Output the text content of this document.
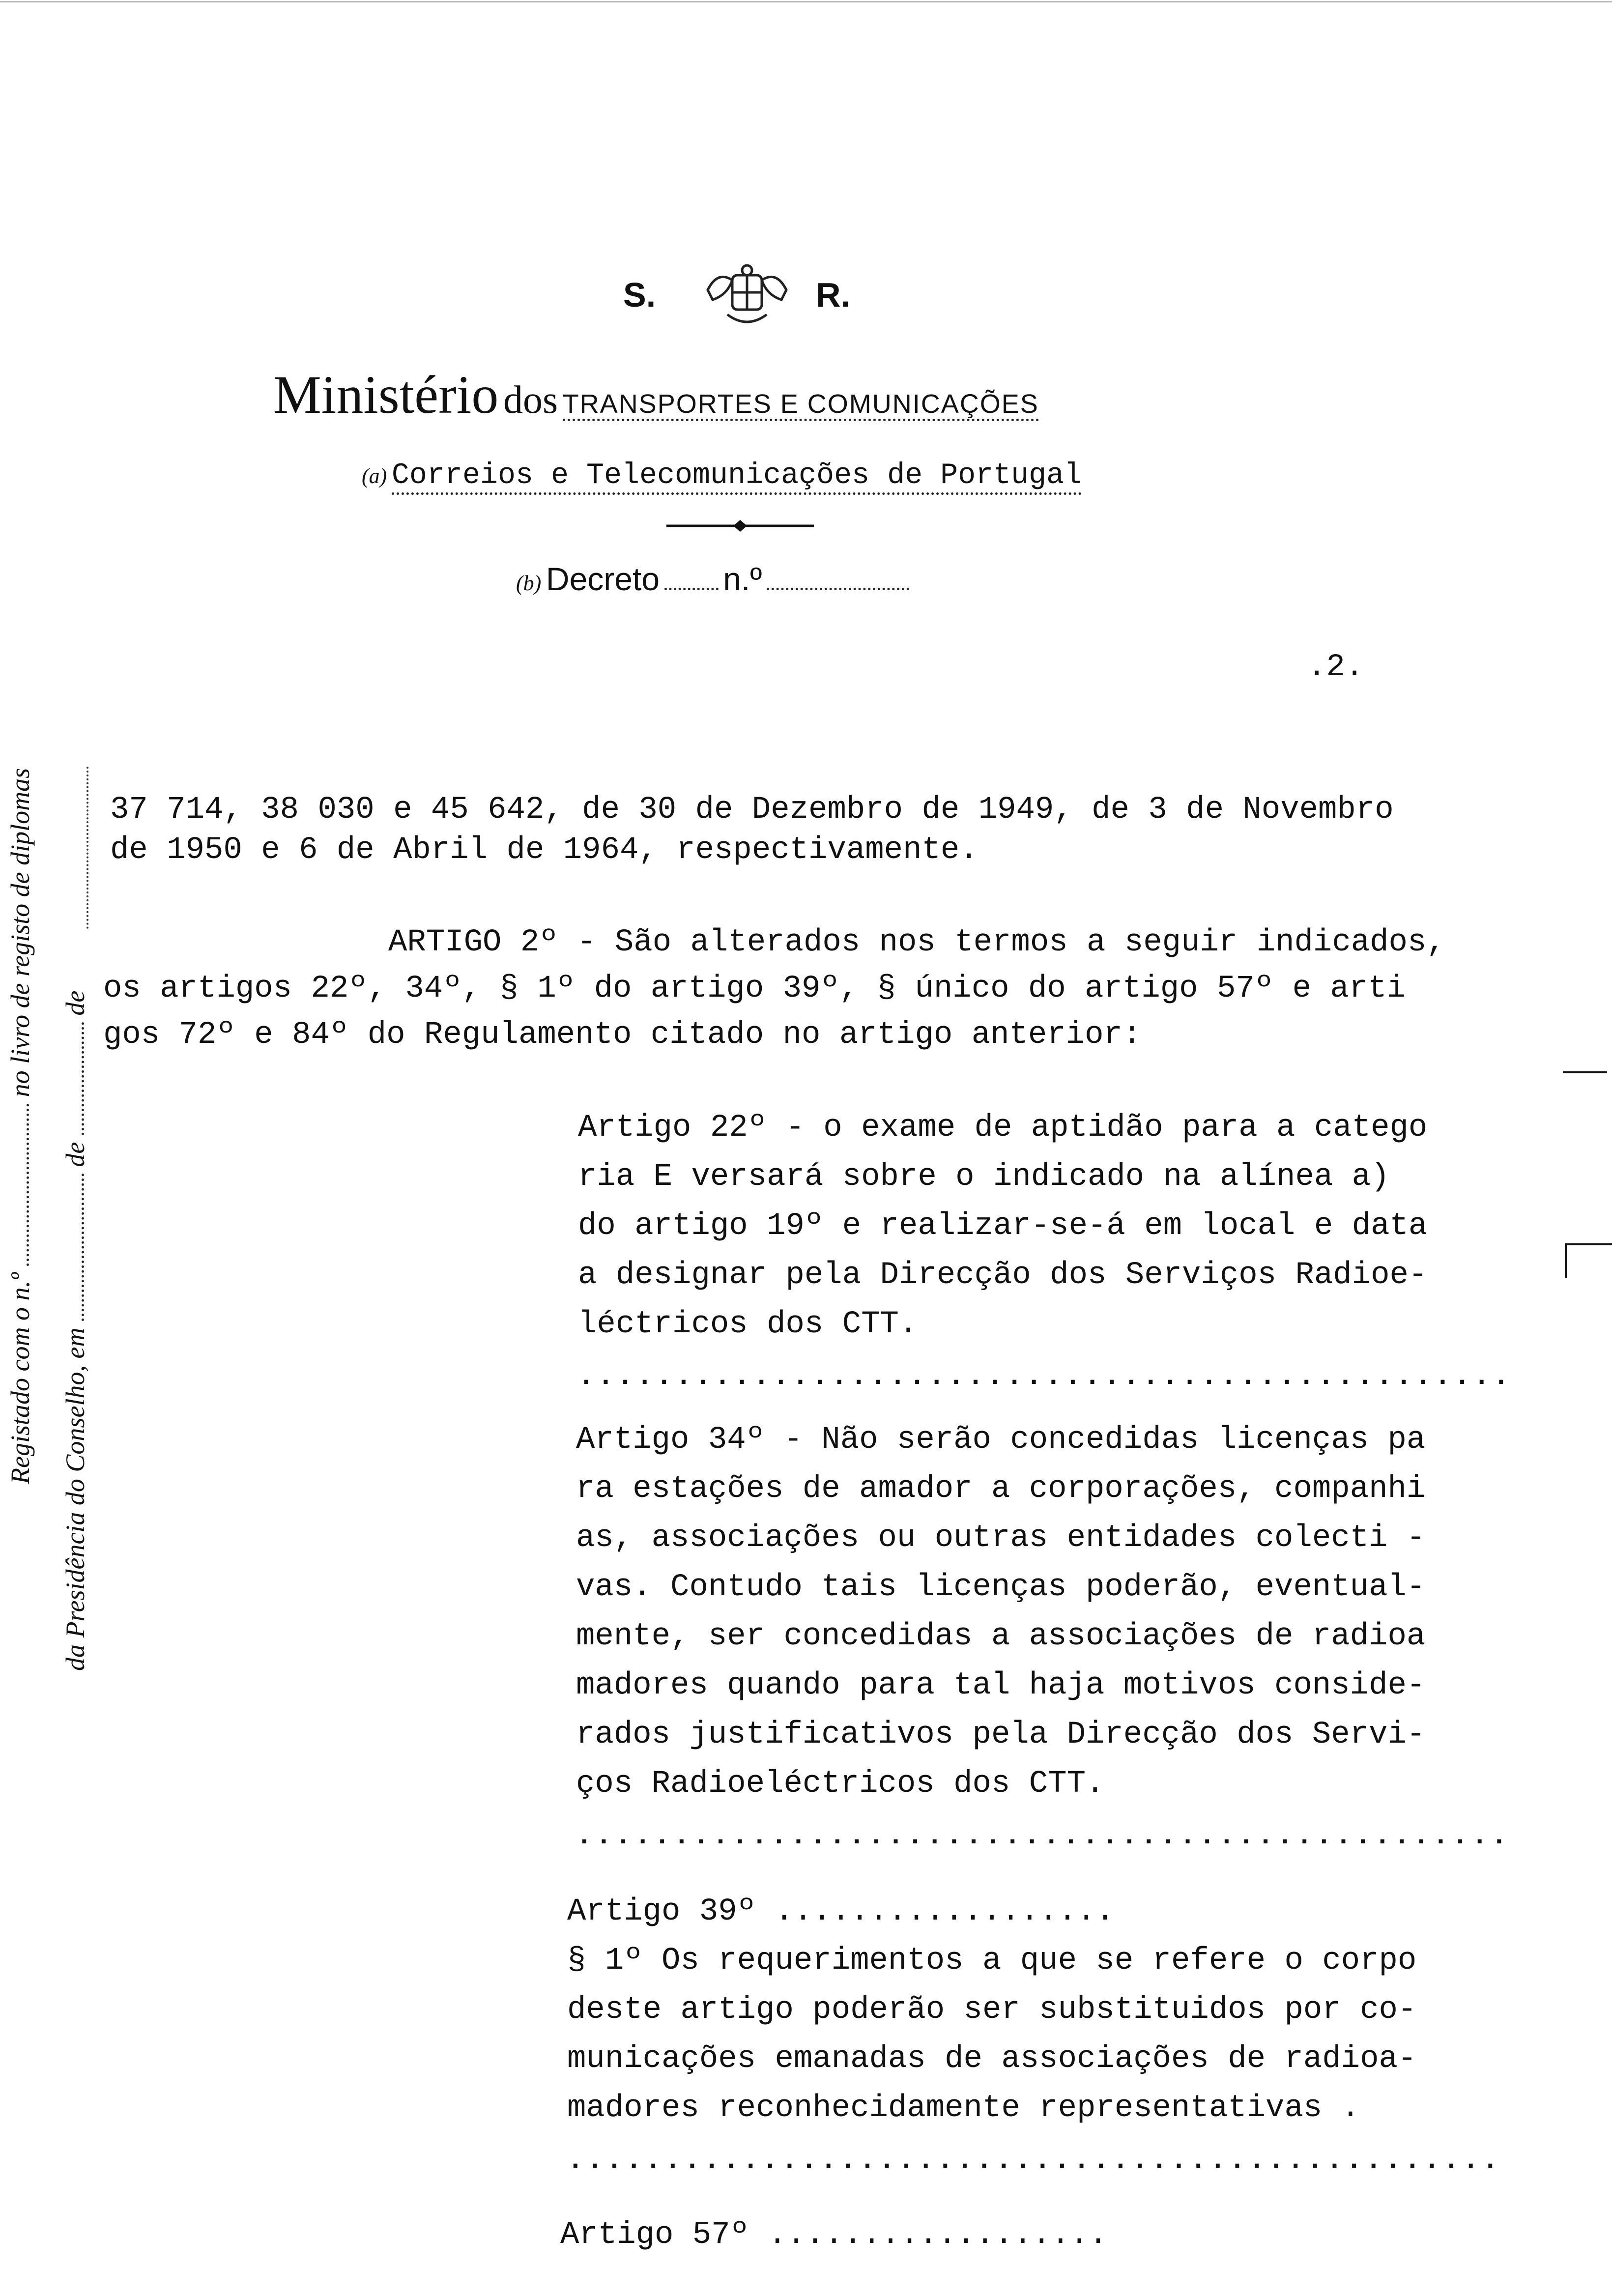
S.	R.
Ministério dos TRANSPORTES E COMUNICAÇÕES
(a) Correios e Telecomunicações de Portugal
(b) Decreto n.º
.2.
Registado com o n.º  no livro de registo de diplomas
da Presidência do Conselho, em  de  de
37 714, 38 030 e 45 642, de 30 de Dezembro de 1949, de 3 de Novembro
de 1950 e 6 de Abril de 1964, respectivamente.
ARTIGO 2º - São alterados nos termos a seguir indicados,
os artigos 22º, 34º, § 1º do artigo 39º, § único do artigo 57º e arti
gos 72º e 84º do Regulamento citado no artigo anterior:
Artigo 22º - o exame de aptidão para a catego
ria E versará sobre o indicado na alínea a)
do artigo 19º e realizar-se-á em local e data
a designar pela Direcção dos Serviços Radioe-
léctricos dos CTT.
................................................
Artigo 34º - Não serão concedidas licenças pa
ra estações de amador a corporações, companhi
as, associações ou outras entidades colecti -
vas. Contudo tais licenças poderão, eventual-
mente, ser concedidas a associações de radioa
madores quando para tal haja motivos conside-
rados justificativos pela Direcção dos Servi-
ços Radioeléctricos dos CTT.
................................................
Artigo 39º ..................
§ 1º Os requerimentos a que se refere o corpo
deste artigo poderão ser substituidos por co-
municações emanadas de associações de radioa-
madores reconhecidamente representativas .
................................................
Artigo 57º ..................
